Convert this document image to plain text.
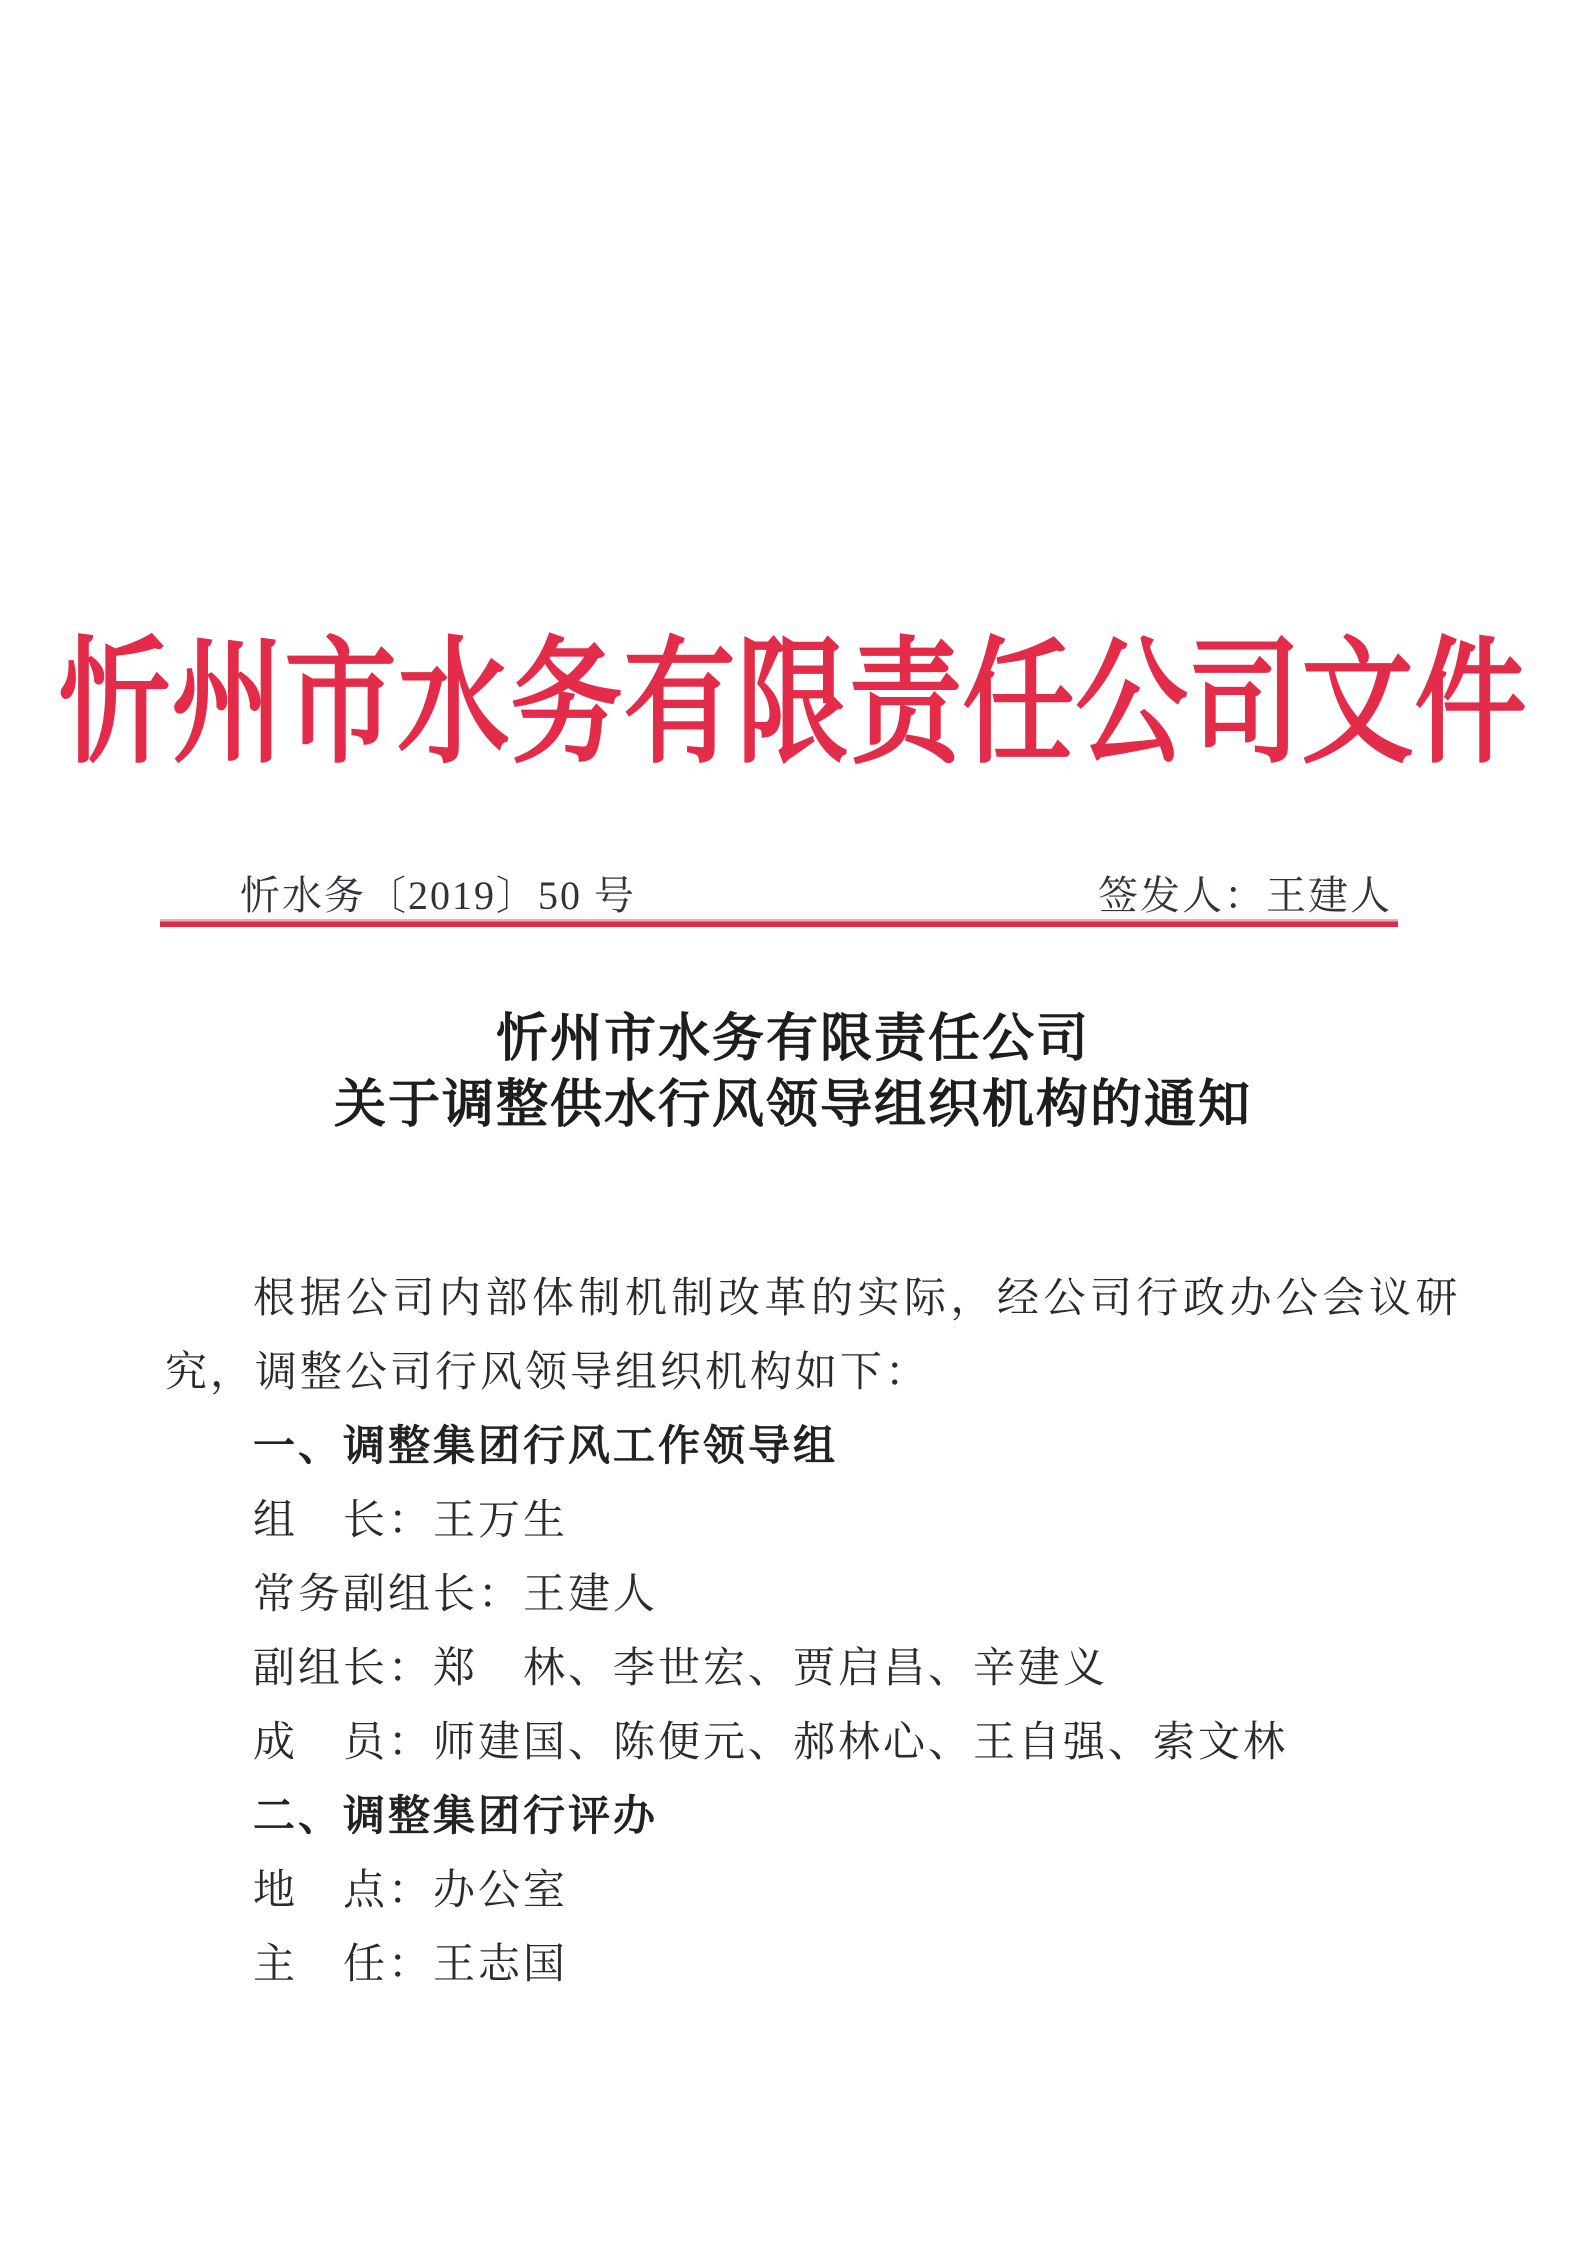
忻州市水务有限责任公司文件
忻水务〔2019〕50 号	签发人：王建人
忻州市水务有限责任公司
关于调整供水行风领导组织机构的通知
根据公司内部体制机制改革的实际，经公司行政办公会议研
究，调整公司行风领导组织机构如下：
一、调整集团行风工作领导组
组　长：王万生
常务副组长：王建人
副组长：郑　林、李世宏、贾启昌、辛建义
成　员：师建国、陈便元、郝林心、王自强、索文林
二、调整集团行评办
地　点：办公室
主　任：王志国
